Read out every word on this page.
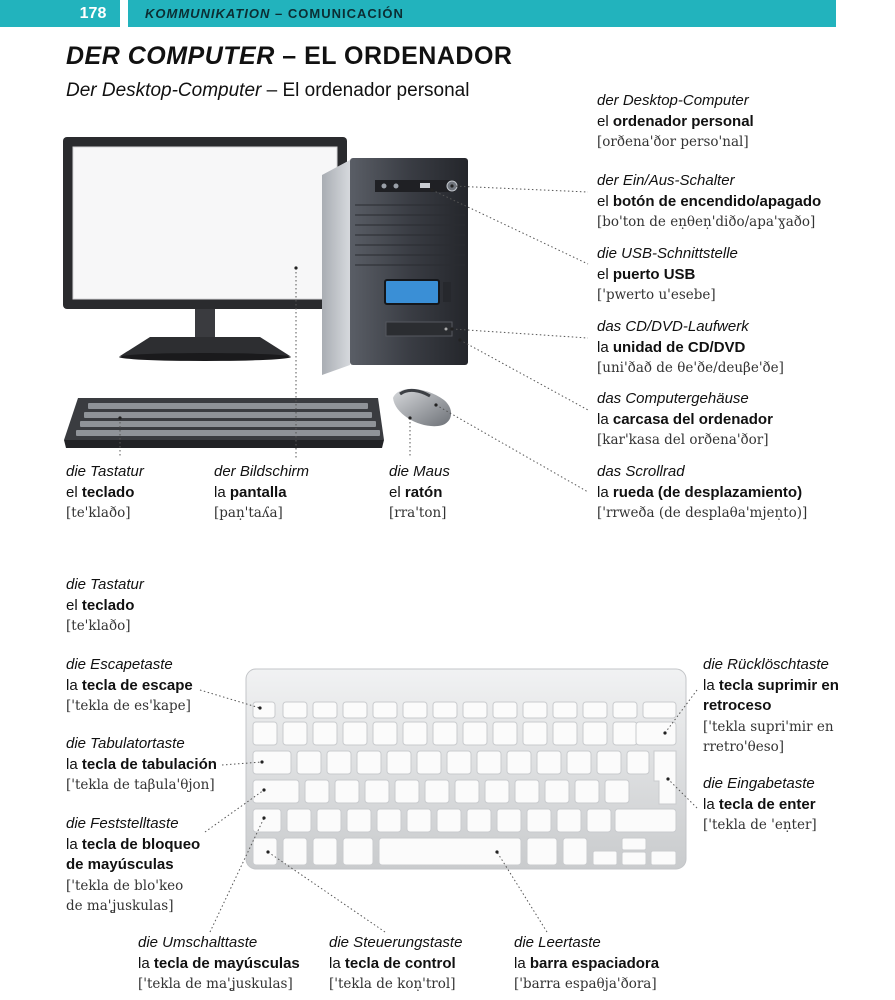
178	KOMMUNIKATION – COMUNICACIÓN
DER COMPUTER – EL ORDENADOR
Der Desktop-Computer – El ordenador personal	der Desktop-Computer
el ordenador personal
[orðena'ðor perso'nal]
der Ein/Aus-Schalter
el botón de encendido/apagado
[bo'ton de eṇθeṇ'diðo/apa'ɣaðo]
die USB-Schnittstelle
el puerto USB
['pwerto u'esebe]
das CD/DVD-Laufwerk
la unidad de CD/DVD
[uni'ðað de θe'ðe/deuβe'ðe]
das Computergehäuse
la carcasa del ordenador
[kar'kasa del orðena'ðor]
das Scrollrad
la rueda (de desplazamiento)
['rrweða (de desplaθa'mjeṇto)]
die Tastatur
el teclado
[te'klaðo]
der Bildschirm
la pantalla
[paṇ'taʎa]
die Maus
el ratón
[rra'ton]
die Tastatur
el teclado
[te'klaðo]
die Escapetaste
la tecla de escape
['tekla de es'kape]
die Tabulatortaste
la tecla de tabulación
['tekla de taβula'θjon]
die Feststelltaste
la tecla de bloqueo
de mayúsculas
['tekla de blo'keo
de ma'ʝuskulas]
die Rücklöschtaste
la tecla suprimir en
retroceso
['tekla supri'mir en
rretro'θeso]
die Eingabetaste
la tecla de enter
['tekla de 'eṇter]
die Umschalttaste
la tecla de mayúsculas
['tekla de ma'ʝuskulas]
die Steuerungstaste
la tecla de control
['tekla de koṇ'trol]
die Leertaste
la barra espaciadora
['barra espaθja'ðora]
